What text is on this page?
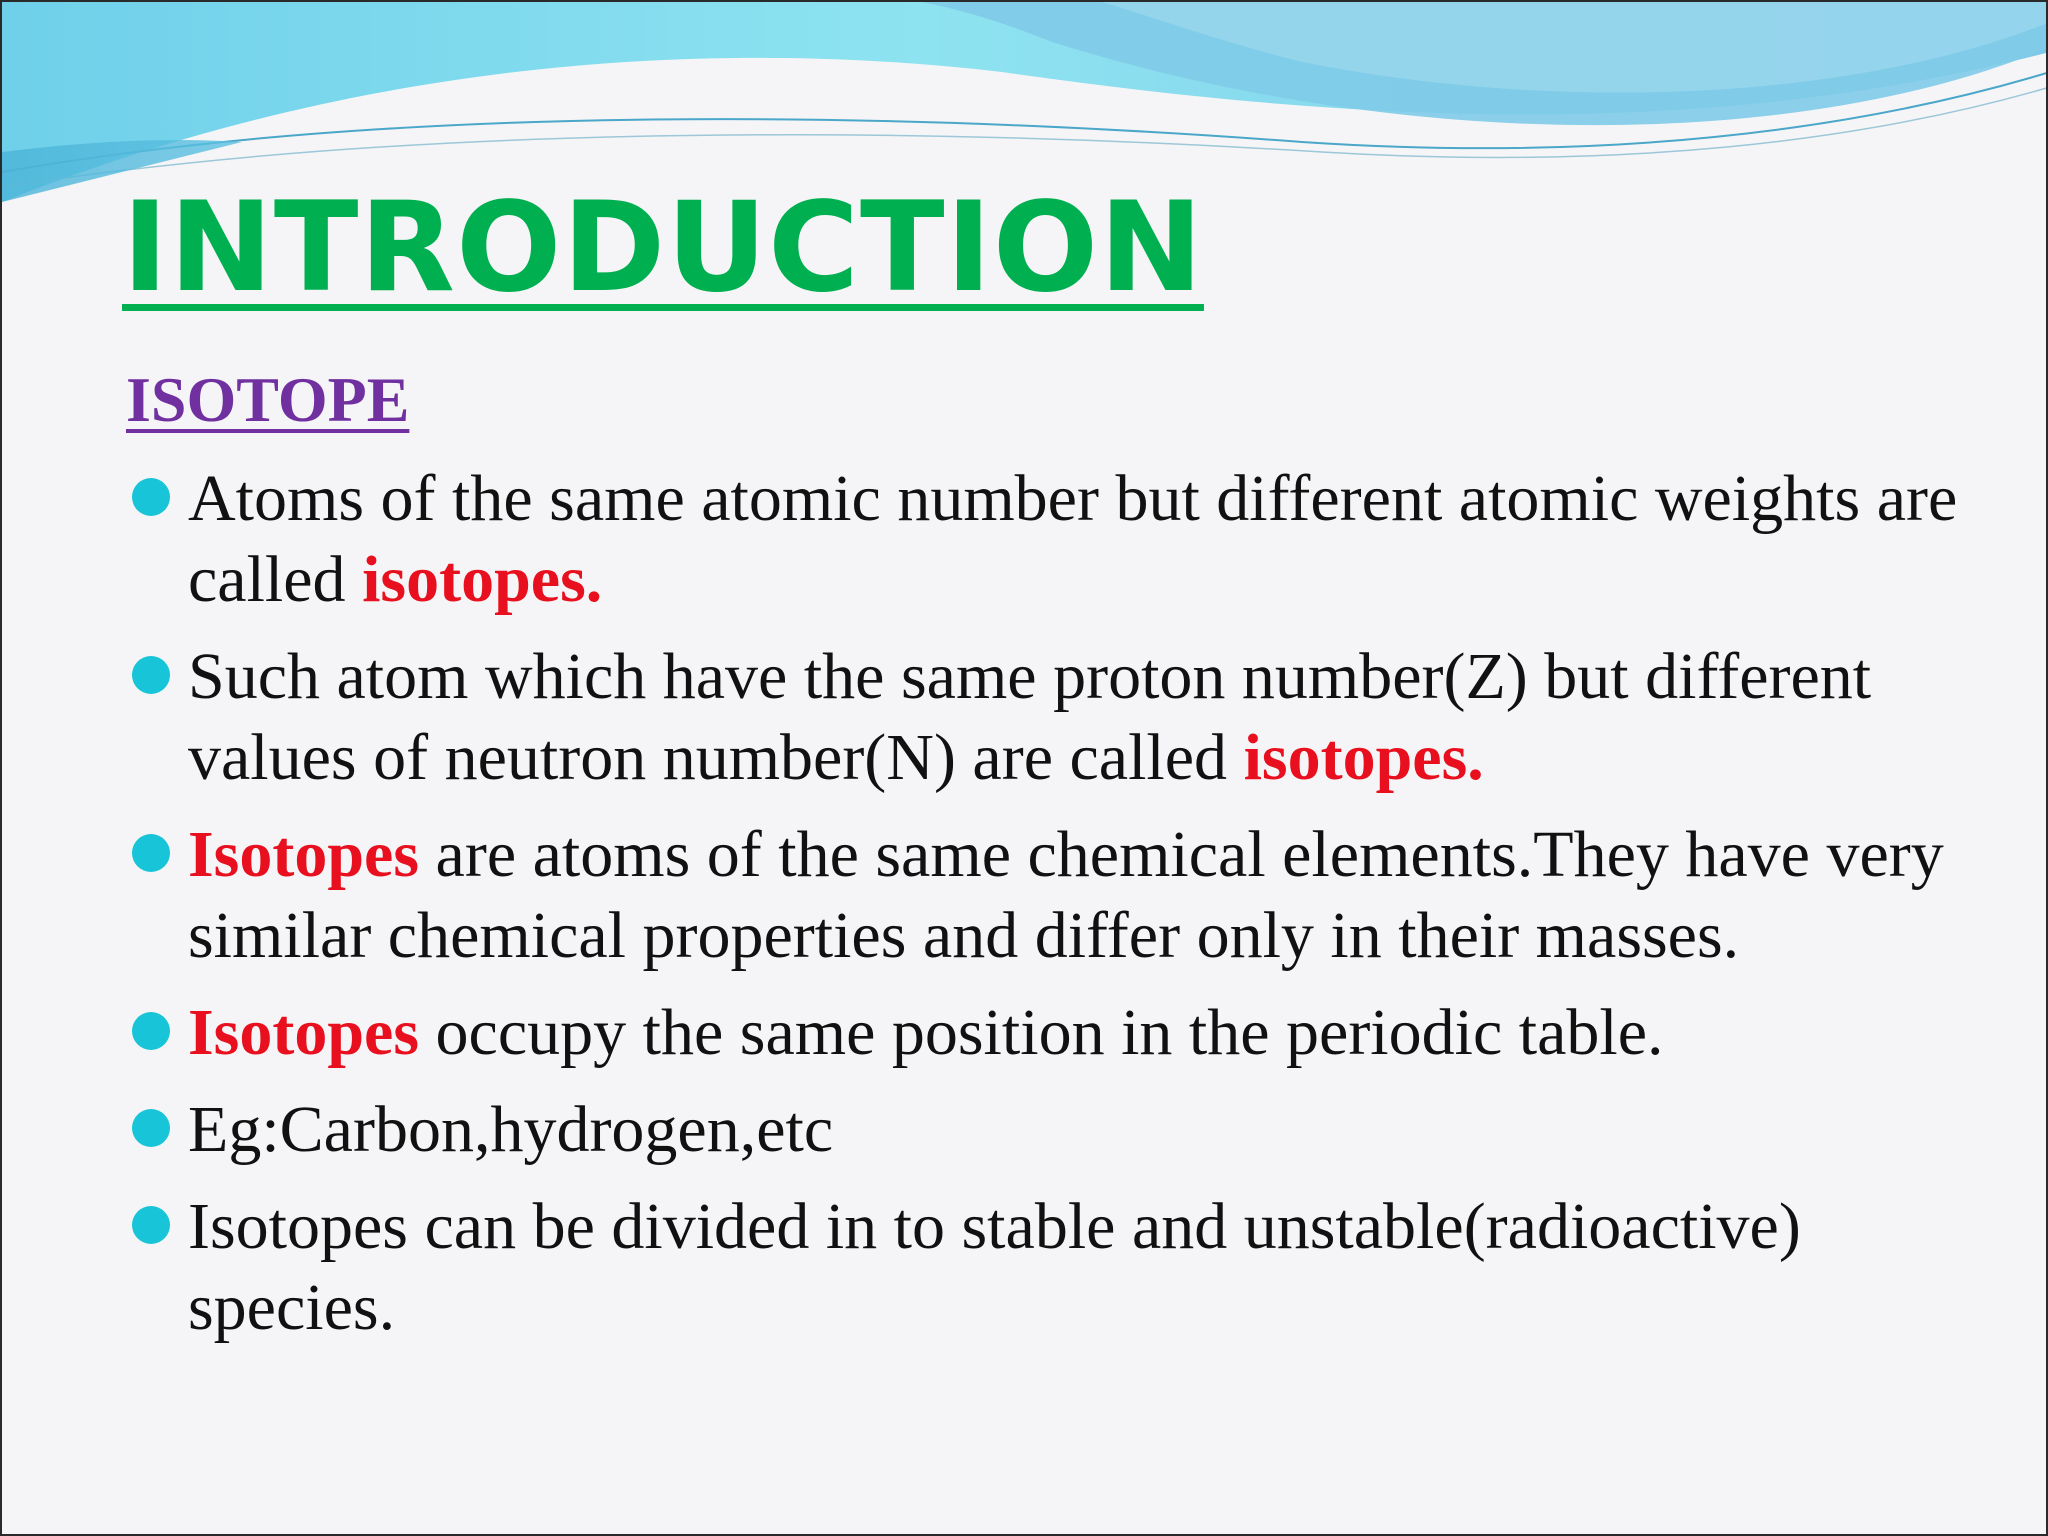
INTRODUCTION
ISOTOPE
Atoms of the same atomic number but different atomic weights are called isotopes.
Such atom which have the same proton number(Z) but different values of neutron number(N) are called isotopes.
Isotopes are atoms of the same chemical elements.They have very similar chemical properties and differ only in their masses.
Isotopes occupy the same position in the periodic table.
Eg:Carbon,hydrogen,etc
Isotopes can be divided in to stable and unstable(radioactive) species.
